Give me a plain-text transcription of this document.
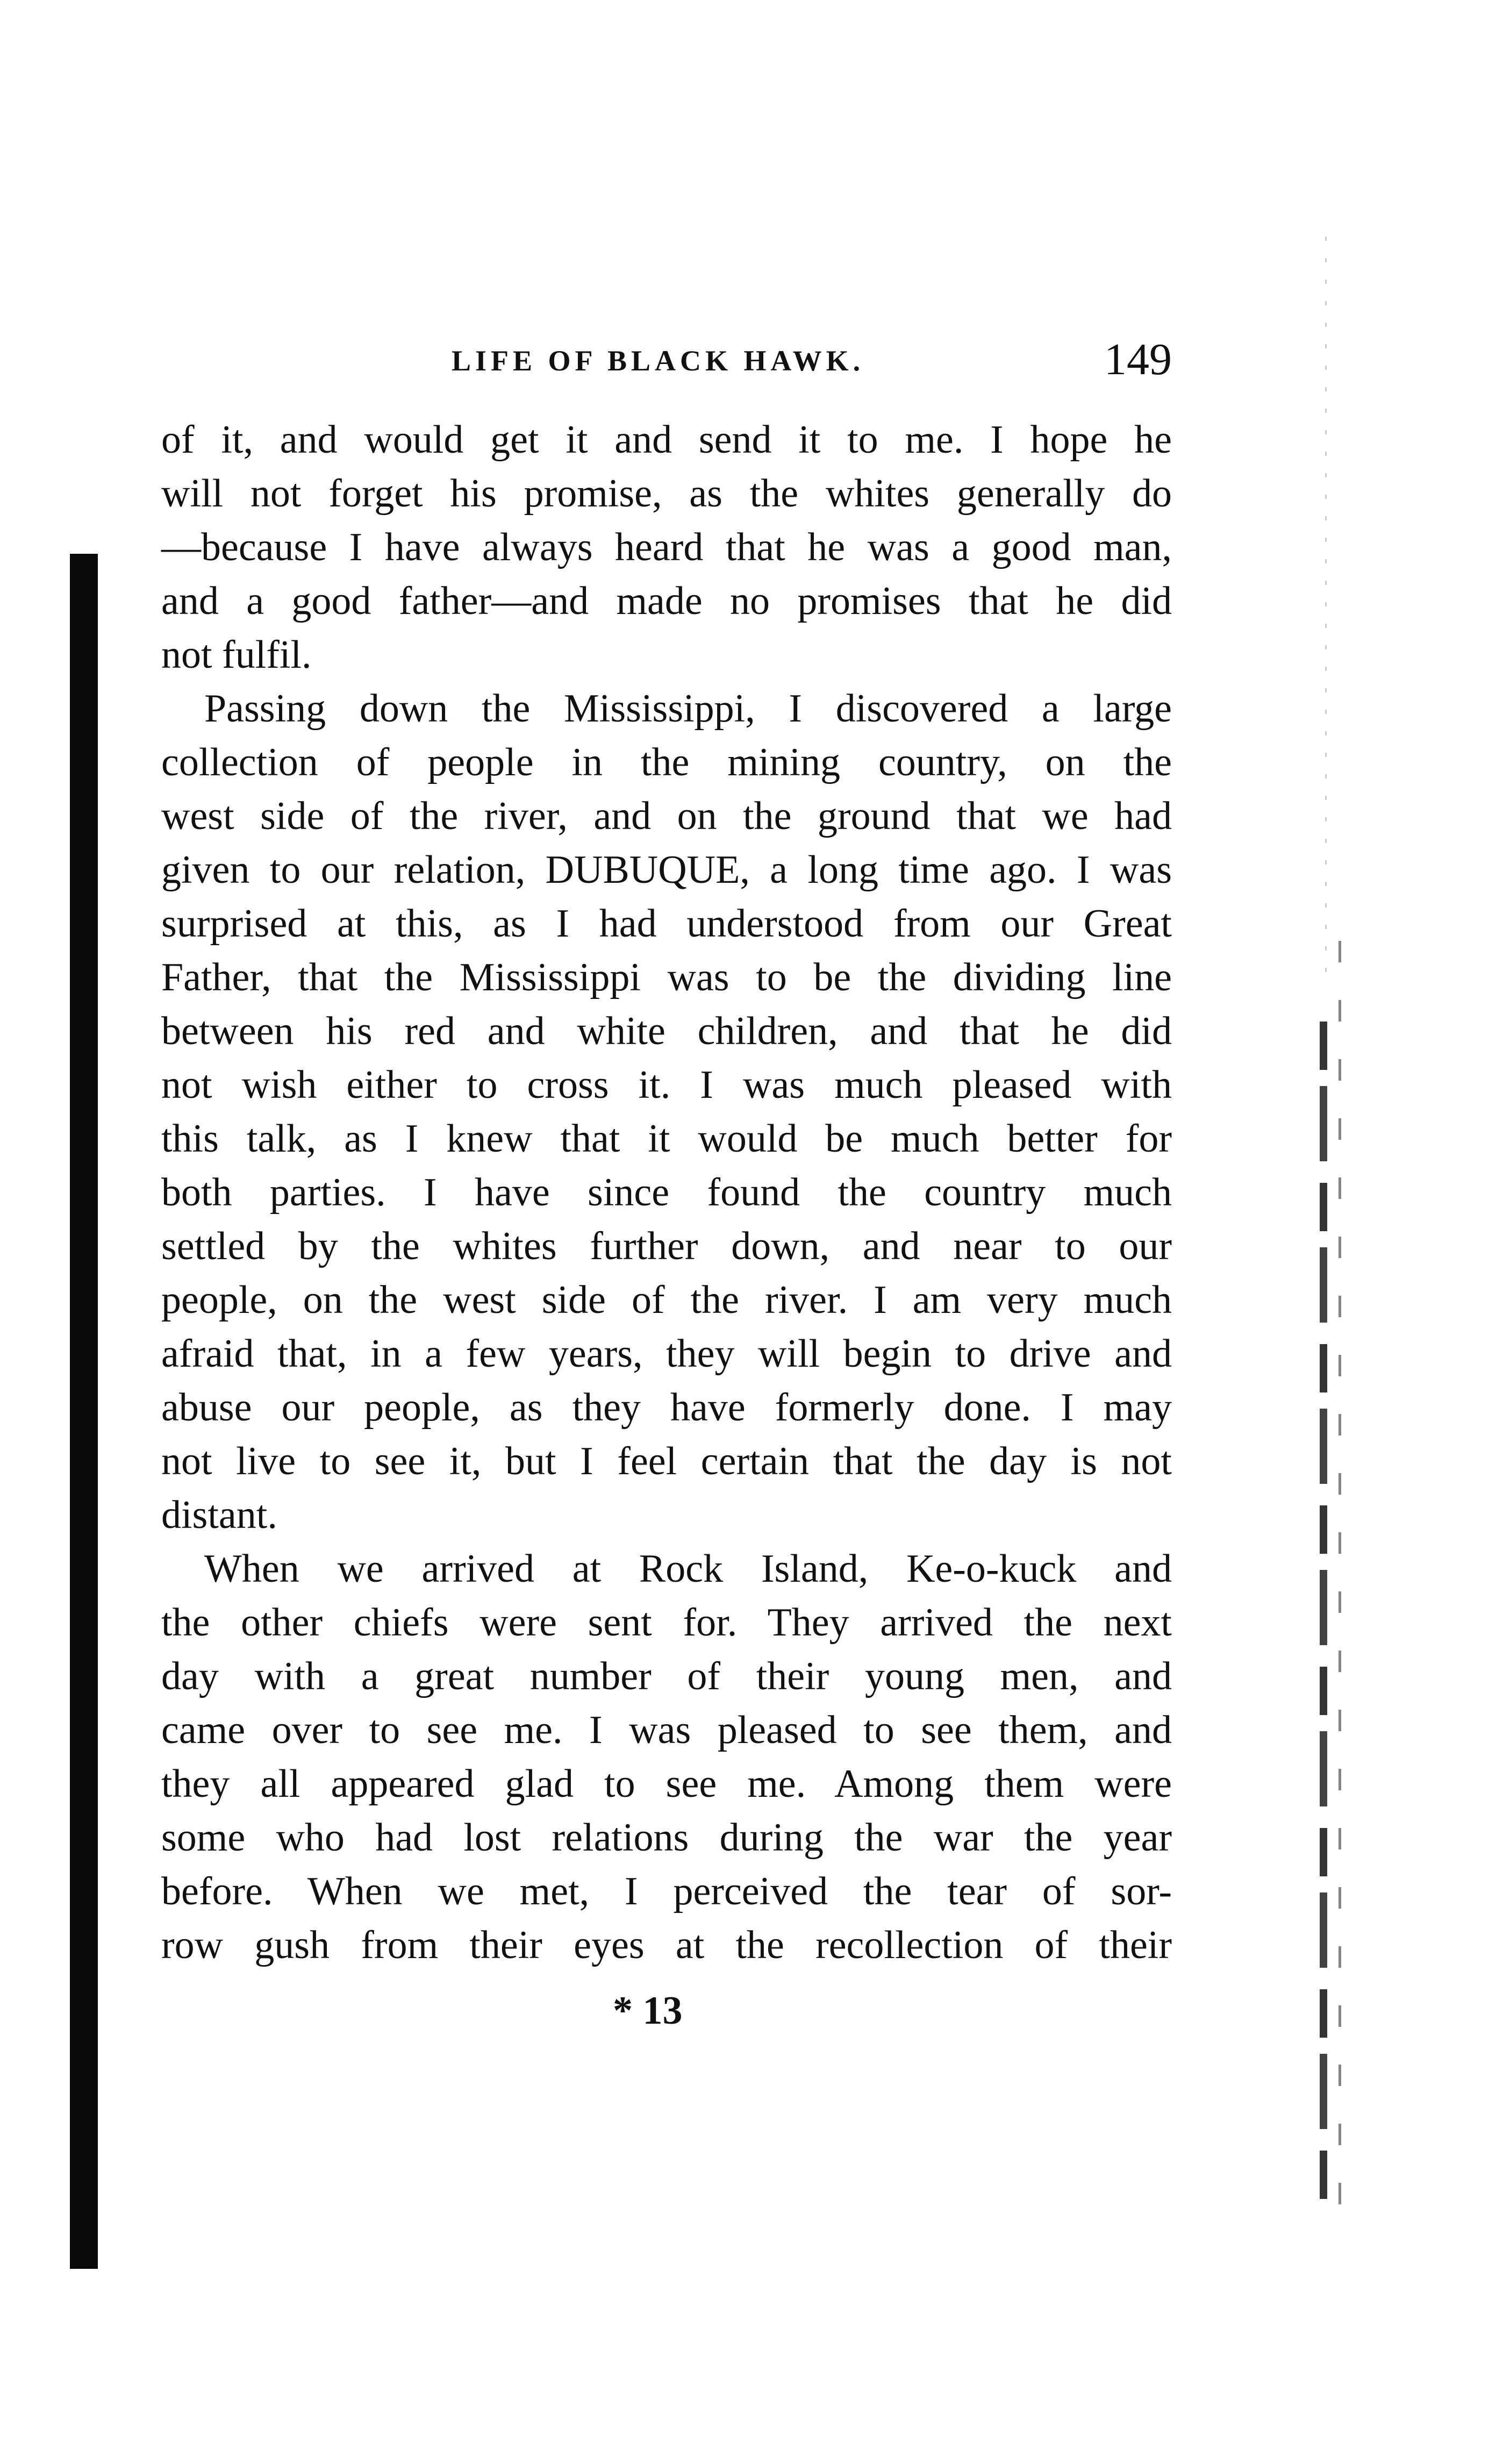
LIFE OF BLACK HAWK.	149
of it, and would get it and send it to me. I hope he
will not forget his promise, as the whites generally do
—because I have always heard that he was a good man,
and a good father—and made no promises that he did
not fulfil.
Passing down the Mississippi, I discovered a large
collection of people in the mining country, on the
west side of the river, and on the ground that we had
given to our relation, DUBUQUE, a long time ago. I was
surprised at this, as I had understood from our Great
Father, that the Mississippi was to be the dividing line
between his red and white children, and that he did
not wish either to cross it. I was much pleased with
this talk, as I knew that it would be much better for
both parties. I have since found the country much
settled by the whites further down, and near to our
people, on the west side of the river. I am very much
afraid that, in a few years, they will begin to drive and
abuse our people, as they have formerly done. I may
not live to see it, but I feel certain that the day is not
distant.
When we arrived at Rock Island, Ke-o-kuck and
the other chiefs were sent for. They arrived the next
day with a great number of their young men, and
came over to see me. I was pleased to see them, and
they all appeared glad to see me. Among them were
some who had lost relations during the war the year
before. When we met, I perceived the tear of sor-
row gush from their eyes at the recollection of their
* 13
